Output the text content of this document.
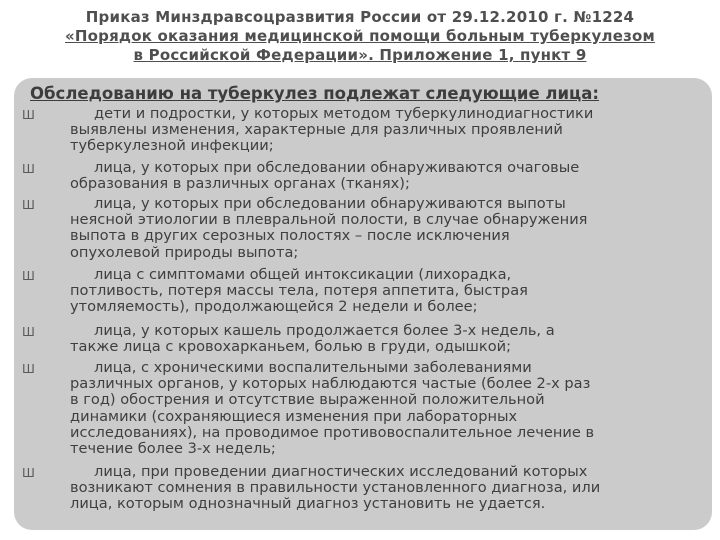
Приказ Минздравсоцразвития России от 29.12.2010 г. №1224
«Порядок оказания медицинской помощи больным туберкулезом
в Российской Федерации». Приложение 1, пункт 9
Обследованию на туберкулез подлежат следующие лица:
Ш	дети и подростки, у которых методом туберкулинодиагностики
выявлены изменения, характерные для различных проявлений
туберкулезной инфекции;
Ш	лица, у которых при обследовании обнаруживаются очаговые
образования в различных органах (тканях);
Ш	лица, у которых при обследовании обнаруживаются выпоты
неясной этиологии в плевральной полости, в случае обнаружения
выпота в других серозных полостях – после исключения
опухолевой природы выпота;
Ш	лица с симптомами общей интоксикации (лихорадка,
потливость, потеря массы тела, потеря аппетита, быстрая
утомляемость), продолжающейся 2 недели и более;
Ш	лица, у которых кашель продолжается более 3-х недель, а
также лица с кровохарканьем, болью в груди, одышкой;
Ш	лица, с хроническими воспалительными заболеваниями
различных органов, у которых наблюдаются частые (более 2-х раз
в год) обострения и отсутствие выраженной положительной
динамики (сохраняющиеся изменения при лабораторных
исследованиях), на проводимое противовоспалительное лечение в
течение более 3-х недель;
Ш	лица, при проведении диагностических исследований которых
возникают сомнения в правильности установленного диагноза, или
лица, которым однозначный диагноз установить не удается.
